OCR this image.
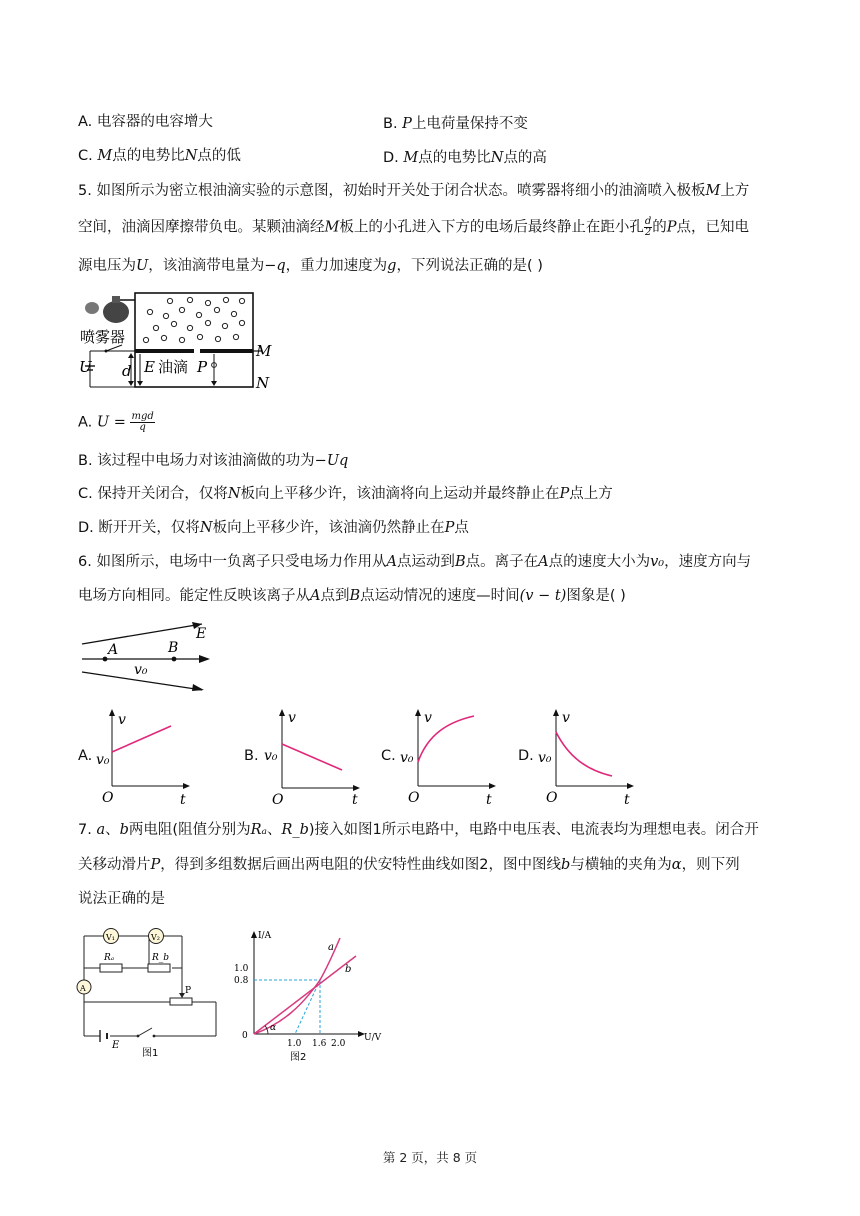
A. 电容器的电容增大	B. P上电荷量保持不变
C. M点的电势比N点的低	D. M点的电势比N点的高
5. 如图所示为密立根油滴实验的示意图，初始时开关处于闭合状态。喷雾器将细小的油滴喷入极板M上方
空间，油滴因摩擦带负电。某颗油滴经M板上的小孔进入下方的电场后最终静止在距小孔 $\frac{d}{2}$ 的P点，已知电
源电压为U，该油滴带电量为−q，重力加速度为g，下列说法正确的是( )
喷雾器
U d E 油滴 P
M
N
A. $U = \frac{\text{mgd}}{q}$
B. 该过程中电场力对该油滴做的功为−Uq
C. 保持开关闭合，仅将N板向上平移少许，该油滴将向上运动并最终静止在P点上方
D. 断开开关，仅将N板向上平移少许，该油滴仍然静止在P点
6. 如图所示，电场中一负离子只受电场力作用从A点运动到B点。离子在A点的速度大小为v₀，速度方向与
电场方向相同。能定性反映该离子从A点到B点运动情况的速度—时间(v − t)图象是( )
A	B
E
v₀
A.
v
v₀
O	t
B.
v
v₀
O	t
C.
v
v₀
O	t
D.
v
v₀
O	t
7. a、b两电阻(阻值分别为Rₐ、R_b)接入如图1所示电路中，电路中电压表、电流表均为理想电表。闭合开
关移动滑片P，得到多组数据后画出两电阻的伏安特性曲线如图2，图中图线b与横轴的夹角为α，则下列
说法正确的是
V₁	V₂
Rₐ	R_b
A	P
E
图1
α
I/A
U/V
1.0
0.8
0
1.0 1.6 2.0
a
b
图2
第 2 页，共 8 页
